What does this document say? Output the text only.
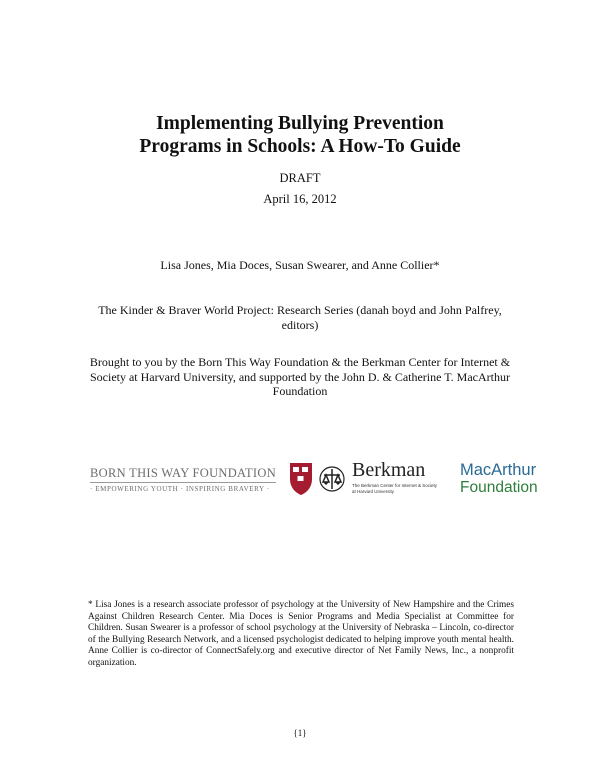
Implementing Bullying Prevention
Programs in Schools: A How-To Guide
DRAFT
April 16, 2012
Lisa Jones, Mia Doces, Susan Swearer, and Anne Collier*
The Kinder & Braver World Project: Research Series (danah boyd and John Palfrey, editors)
Brought to you by the Born This Way Foundation & the Berkman Center for Internet & Society at Harvard University, and supported by the John D. & Catherine T. MacArthur Foundation
BORN THIS WAY FOUNDATION
· EMPOWERING YOUTH · INSPIRING BRAVERY ·
Berkman
The Berkman Center for Internet & Society at Harvard University
MacArthur
Foundation
* Lisa Jones is a research associate professor of psychology at the University of New Hampshire and the Crimes Against Children Research Center. Mia Doces is Senior Programs and Media Specialist at Committee for Children. Susan Swearer is a professor of school psychology at the University of Nebraska – Lincoln, co-director of the Bullying Research Network, and a licensed psychologist dedicated to helping improve youth mental health. Anne Collier is co-director of ConnectSafely.org and executive director of Net Family News, Inc., a nonprofit organization.
{1}
